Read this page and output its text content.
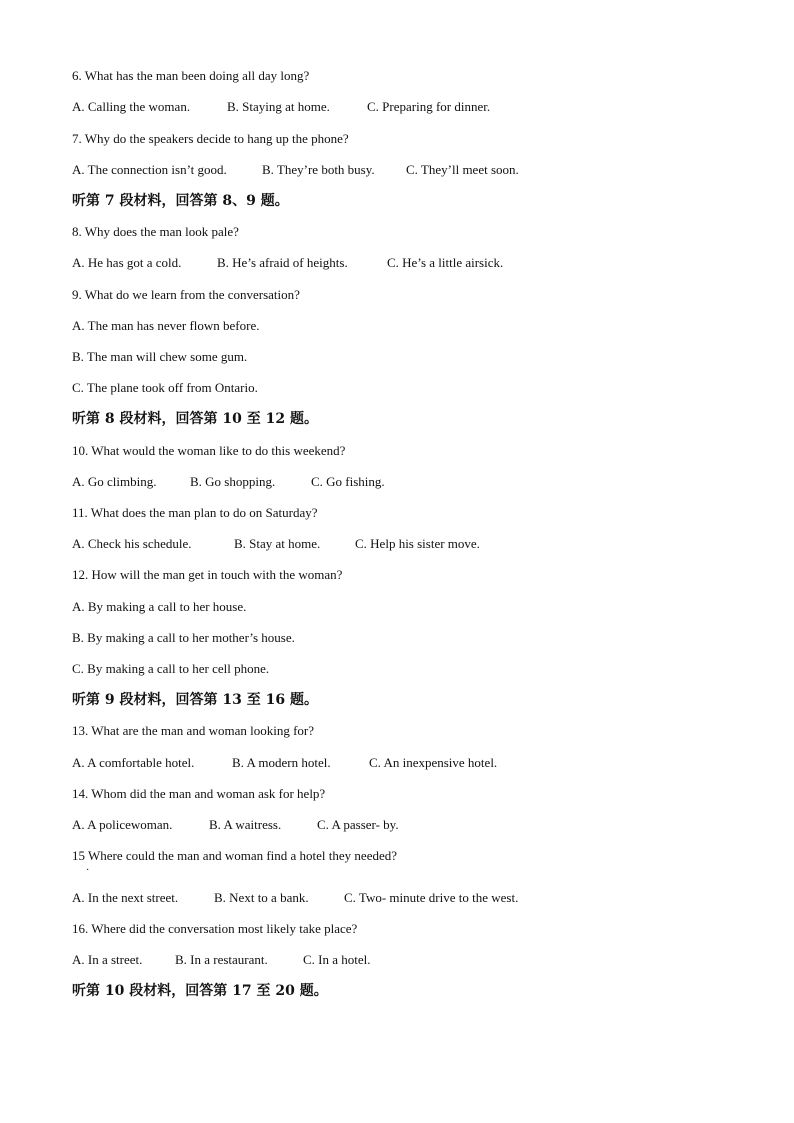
6. What has the man been doing all day long?
A. Calling the woman.	B. Staying at home.	C. Preparing for dinner.
7. Why do the speakers decide to hang up the phone?
A. The connection isn’t good.	B. They’re both busy. C. They’ll meet soon.
听第 7 段材料，回答第 8、9 题。
8. Why does the man look pale?
A. He has got a cold.	B. He’s afraid of heights.	C. He’s a little airsick.
9. What do we learn from the conversation?
A. The man has never flown before.
B. The man will chew some gum.
C. The plane took off from Ontario.
听第 8 段材料，回答第 10 至 12 题。
10. What would the woman like to do this weekend?
A. Go climbing.	B. Go shopping.	C. Go fishing.
11. What does the man plan to do on Saturday?
A. Check his schedule.	B. Stay at home.	C. Help his sister move.
12. How will the man get in touch with the woman?
A. By making a call to her house.
B. By making a call to her mother’s house.
C. By making a call to her cell phone.
听第 9 段材料，回答第 13 至 16 题。
13. What are the man and woman looking for?
A. A comfortable hotel.	B. A modern hotel.	C. An inexpensive hotel.
14. Whom did the man and woman ask for help?
A. A policewoman.	B. A waitress.	C. A passer- by.
15 Where could the man and woman find a hotel they needed?
·
A. In the next street.	B. Next to a bank.	C. Two- minute drive to the west.
16. Where did the conversation most likely take place?
A. In a street.	B. In a restaurant.	C. In a hotel.
听第 10 段材料，回答第 17 至 20 题。
